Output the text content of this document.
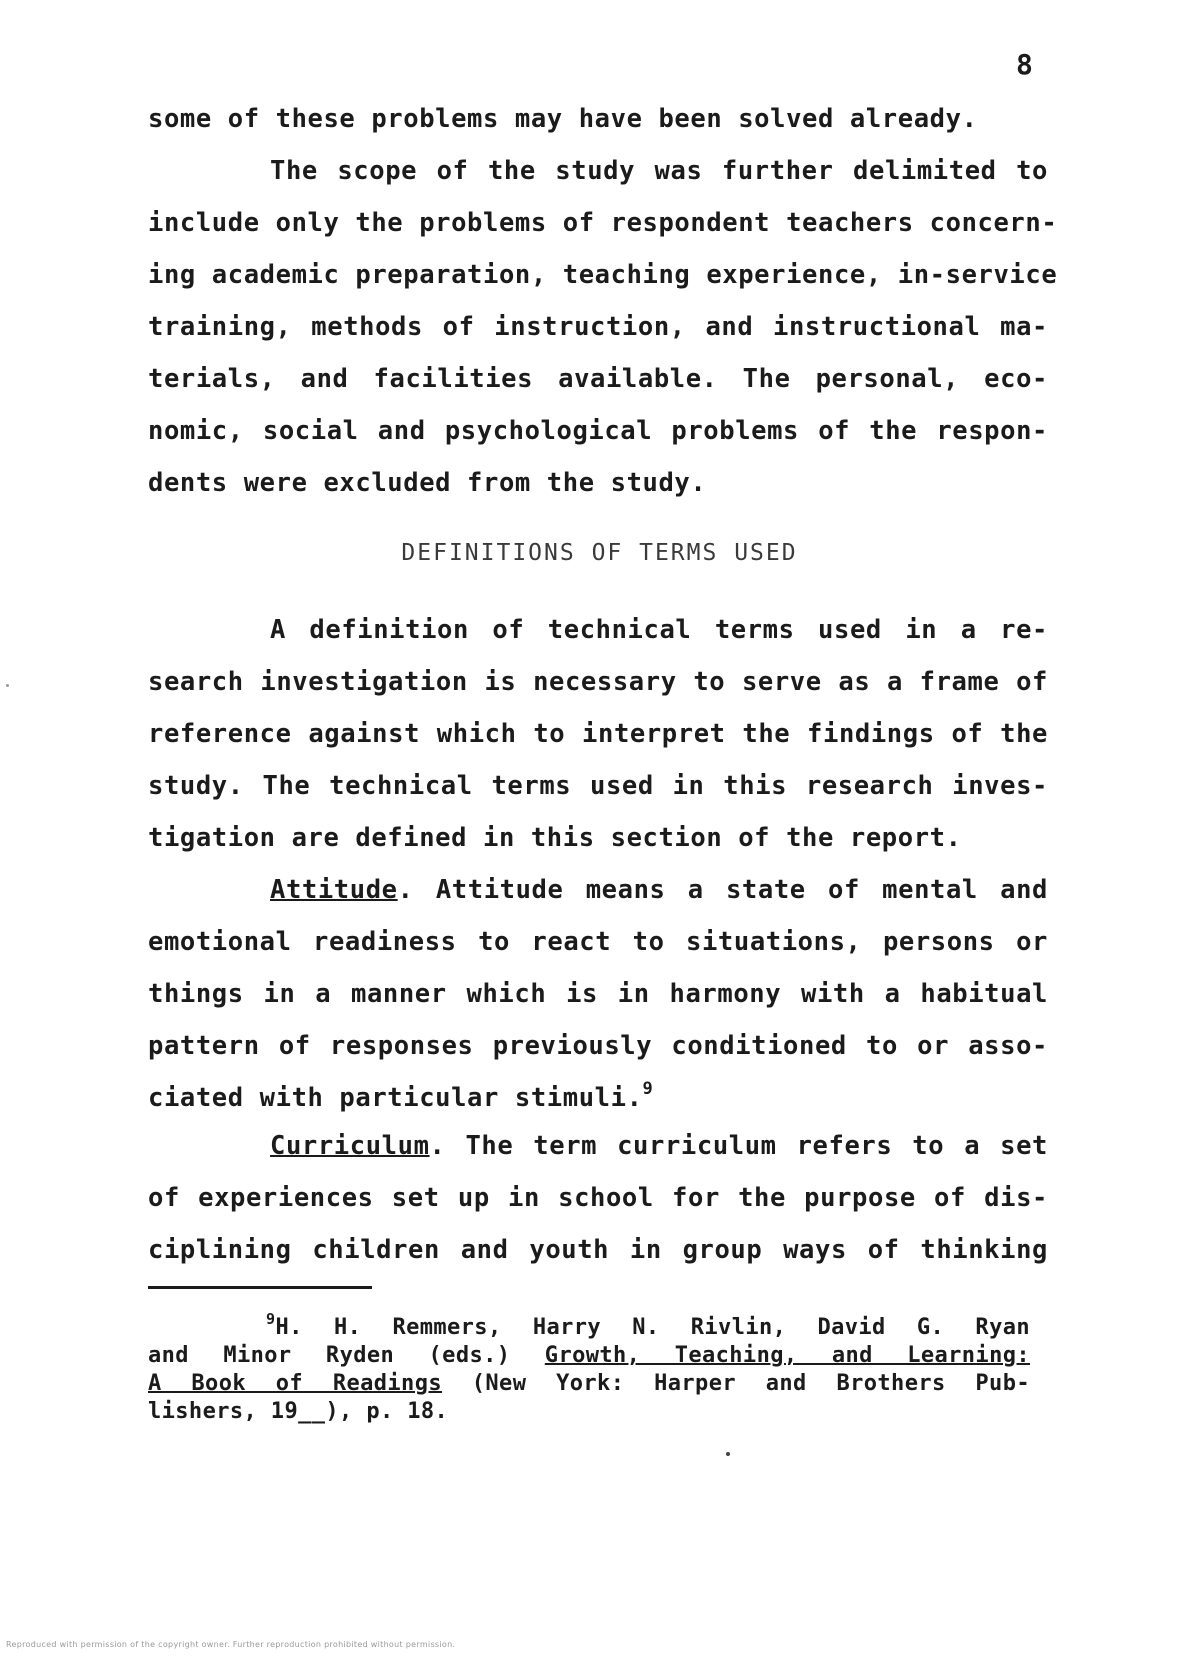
8
some of these problems may have been solved already.
The scope of the study was further delimited to
include only the problems of respondent teachers concern-
ing academic preparation, teaching experience, in-service
training, methods of instruction, and instructional ma-
terials, and facilities available. The personal, eco-
nomic, social and psychological problems of the respon-
dents were excluded from the study.
DEFINITIONS OF TERMS USED
A definition of technical terms used in a re-
search investigation is necessary to serve as a frame of
reference against which to interpret the findings of the
study. The technical terms used in this research inves-
tigation are defined in this section of the report.
Attitude. Attitude means a state of mental and
emotional readiness to react to situations, persons or
things in a manner which is in harmony with a habitual
pattern of responses previously conditioned to or asso-
ciated with particular stimuli.$^9$
Curriculum. The term curriculum refers to a set
of experiences set up in school for the purpose of dis-
ciplining children and youth in group ways of thinking
$^9$H. H. Remmers, Harry N. Rivlin, David G. Ryan
and Minor Ryden (eds.) Growth, Teaching, and Learning:
A Book of Readings (New York: Harper and Brothers Pub-
lishers, 19__), p. 18.
Reproduced with permission of the copyright owner. Further reproduction prohibited without permission.
